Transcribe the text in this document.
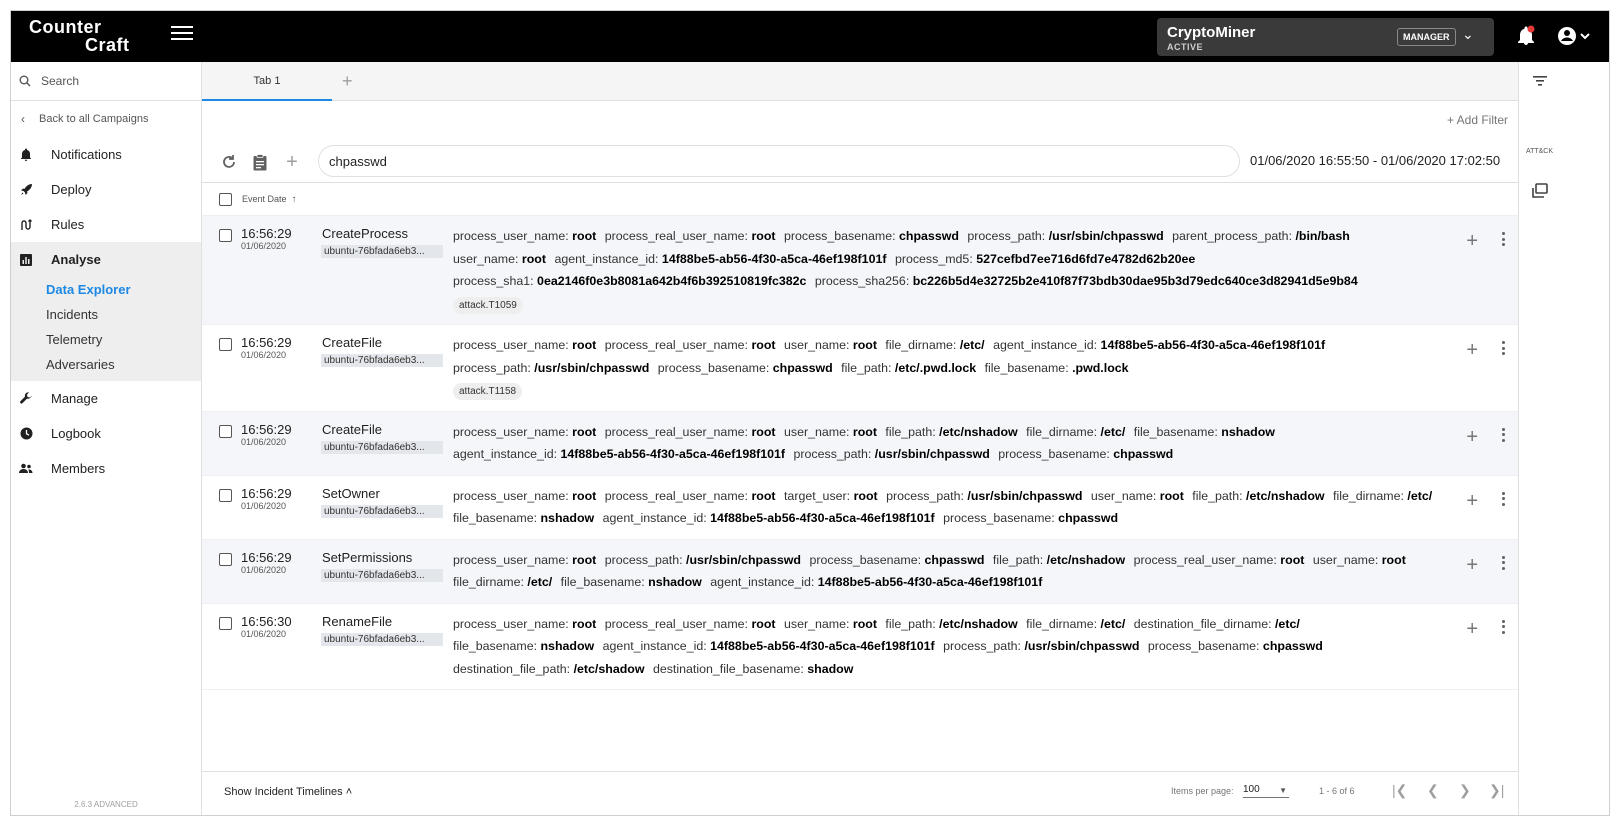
Counter
Craft
CryptoMiner
ACTIVE
MANAGER ⌄
Search
‹ Back to all Campaigns
Notifications
Deploy
Rules
Analyse
Data Explorer
Incidents
Telemetry
Adversaries
Manage
Logbook
Members
2.6.3 ADVANCED
Tab 1	+
+ Add Filter
+	chpasswd	01/06/2020 16:55:50 - 01/06/2020 17:02:50
Event Date ↑
16:56:29
01/06/2020
CreateProcess
ubuntu-76bfada6eb3...
process_user_name: root process_real_user_name: root process_basename: chpasswd process_path: /usr/sbin/chpasswd parent_process_path: /bin/bash user_name: root agent_instance_id: 14f88be5-ab56-4f30-a5ca-46ef198f101f process_md5: 527cefbd7ee716d6fd7e4782d62b20ee process_sha1: 0ea2146f0e3b8081a642b4f6b392510819fc382c process_sha256: bc226b5d4e32725b2e410f87f73bdb30dae95b3d79edc640ce3d82941d5e9b84
attack.T1059
+
16:56:29
01/06/2020
CreateFile
ubuntu-76bfada6eb3...
process_user_name: root process_real_user_name: root user_name: root file_dirname: /etc/ agent_instance_id: 14f88be5-ab56-4f30-a5ca-46ef198f101f process_path: /usr/sbin/chpasswd process_basename: chpasswd file_path: /etc/.pwd.lock file_basename: .pwd.lock
attack.T1158
+
16:56:29
01/06/2020
CreateFile
ubuntu-76bfada6eb3...
process_user_name: root process_real_user_name: root user_name: root file_path: /etc/nshadow file_dirname: /etc/ file_basename: nshadow agent_instance_id: 14f88be5-ab56-4f30-a5ca-46ef198f101f process_path: /usr/sbin/chpasswd process_basename: chpasswd
+
16:56:29
01/06/2020
SetOwner
ubuntu-76bfada6eb3...
process_user_name: root process_real_user_name: root target_user: root process_path: /usr/sbin/chpasswd user_name: root file_path: /etc/nshadow file_dirname: /etc/ file_basename: nshadow agent_instance_id: 14f88be5-ab56-4f30-a5ca-46ef198f101f process_basename: chpasswd
+
16:56:29
01/06/2020
SetPermissions
ubuntu-76bfada6eb3...
process_user_name: root process_path: /usr/sbin/chpasswd process_basename: chpasswd file_path: /etc/nshadow process_real_user_name: root user_name: root file_dirname: /etc/ file_basename: nshadow agent_instance_id: 14f88be5-ab56-4f30-a5ca-46ef198f101f
+
16:56:30
01/06/2020
RenameFile
ubuntu-76bfada6eb3...
process_user_name: root process_real_user_name: root user_name: root file_path: /etc/nshadow file_dirname: /etc/ destination_file_dirname: /etc/ file_basename: nshadow agent_instance_id: 14f88be5-ab56-4f30-a5ca-46ef198f101f process_path: /usr/sbin/chpasswd process_basename: chpasswd destination_file_path: /etc/shadow destination_file_basename: shadow
+
Show Incident Timelines ˄	Items per page: 100 ▼	1 - 6 of 6	|❮ ❮ ❯ ❯|
ATT&CK
